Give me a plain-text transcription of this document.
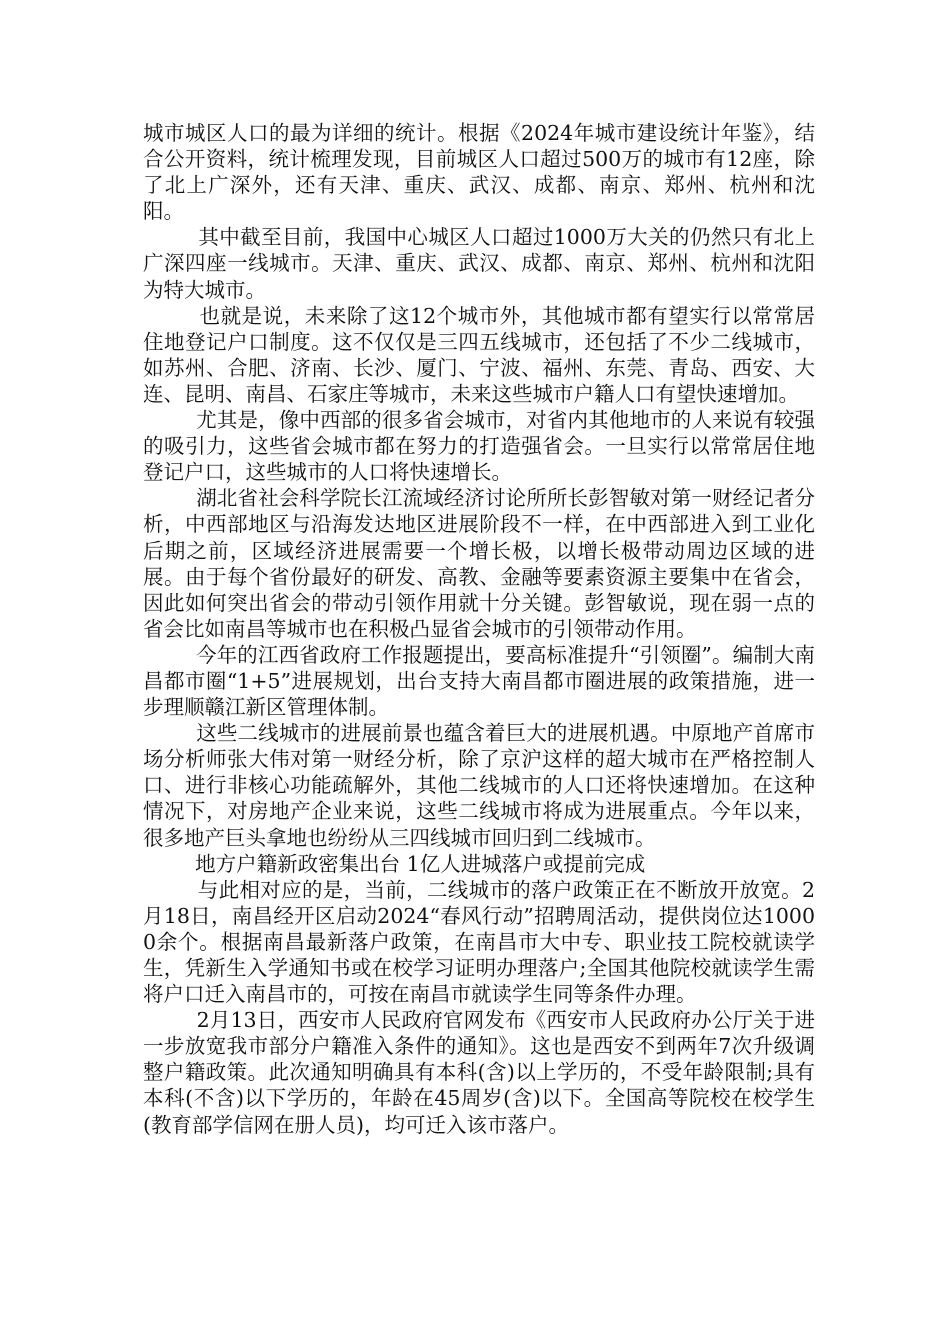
城市城区人口的最为详细的统计。根据《2024年城市建设统计年鉴》，结合公开资料，统计梳理发现，目前城区人口超过500万的城市有12座，除了北上广深外，还有天津、重庆、武汉、成都、南京、郑州、杭州和沈阳。

其中截至目前，我国中心城区人口超过1000万大关的仍然只有北上广深四座一线城市。天津、重庆、武汉、成都、南京、郑州、杭州和沈阳为特大城市。

也就是说，未来除了这12个城市外，其他城市都有望实行以常常居住地登记户口制度。这不仅仅是三四五线城市，还包括了不少二线城市，如苏州、合肥、济南、长沙、厦门、宁波、福州、东莞、青岛、西安、大连、昆明、南昌、石家庄等城市，未来这些城市户籍人口有望快速增加。

尤其是，像中西部的很多省会城市，对省内其他地市的人来说有较强的吸引力，这些省会城市都在努力的打造强省会。一旦实行以常常居住地登记户口，这些城市的人口将快速增长。

湖北省社会科学院长江流域经济讨论所所长彭智敏对第一财经记者分析，中西部地区与沿海发达地区进展阶段不一样，在中西部进入到工业化后期之前，区域经济进展需要一个增长极，以增长极带动周边区域的进展。由于每个省份最好的研发、高教、金融等要素资源主要集中在省会，因此如何突出省会的带动引领作用就十分关键。彭智敏说，现在弱一点的省会比如南昌等城市也在积极凸显省会城市的引领带动作用。

今年的江西省政府工作报题提出，要高标准提升“引领圈”。编制大南昌都市圈“1+5”进展规划，出台支持大南昌都市圈进展的政策措施，进一步理顺赣江新区管理体制。

这些二线城市的进展前景也蕴含着巨大的进展机遇。中原地产首席市场分析师张大伟对第一财经分析，除了京沪这样的超大城市在严格控制人口、进行非核心功能疏解外，其他二线城市的人口还将快速增加。在这种情况下，对房地产企业来说，这些二线城市将成为进展重点。今年以来，很多地产巨头拿地也纷纷从三四线城市回归到二线城市。

地方户籍新政密集出台 1亿人进城落户或提前完成

与此相对应的是，当前，二线城市的落户政策正在不断放开放宽。2月18日，南昌经开区启动2024“春风行动”招聘周活动，提供岗位达10000余个。根据南昌最新落户政策，在南昌市大中专、职业技工院校就读学生，凭新生入学通知书或在校学习证明办理落户;全国其他院校就读学生需将户口迁入南昌市的，可按在南昌市就读学生同等条件办理。

2月13日，西安市人民政府官网发布《西安市人民政府办公厅关于进一步放宽我市部分户籍准入条件的通知》。这也是西安不到两年7次升级调整户籍政策。此次通知明确具有本科(含)以上学历的，不受年龄限制;具有本科(不含)以下学历的，年龄在45周岁(含)以下。全国高等院校在校学生(教育部学信网在册人员)，均可迁入该市落户。
